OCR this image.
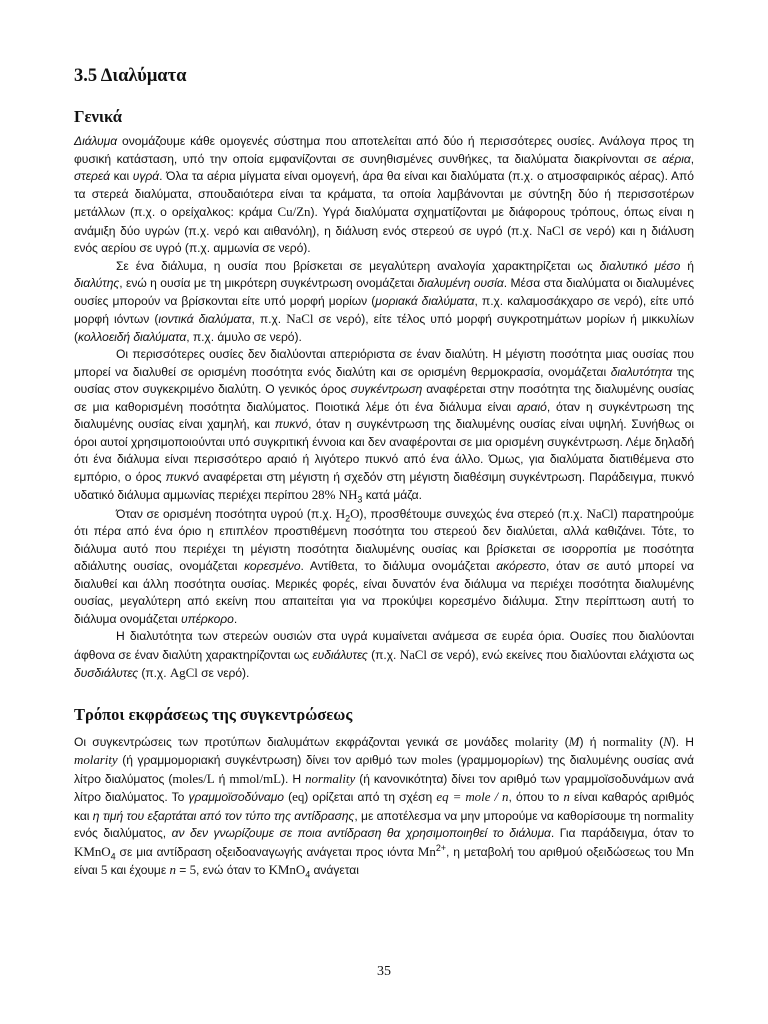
3.5 Διαλύματα
Γενικά

Διάλυμα ονομάζουμε κάθε ομογενές σύστημα που αποτελείται από δύο ή περισσότερες ουσίες. Ανάλογα προς τη φυσική κατάσταση, υπό την οποία εμφανίζονται σε συνηθισμένες συνθήκες, τα διαλύματα διακρίνονται σε αέρια, στερεά και υγρά. Όλα τα αέρια μίγματα είναι ομογενή, άρα θα είναι και διαλύματα (π.χ. ο ατμοσφαιρικός αέρας). Από τα στερεά διαλύματα, σπουδαιότερα είναι τα κράματα, τα οποία λαμβάνονται με σύντηξη δύο ή περισσοτέρων μετάλλων (π.χ. ο ορείχαλκος: κράμα Cu/Zn). Υγρά διαλύματα σχηματίζονται με διάφορους τρόπους, όπως είναι η ανάμιξη δύο υγρών (π.χ. νερό και αιθανόλη), η διάλυση ενός στερεού σε υγρό (π.χ. NaCl σε νερό) και η διάλυση ενός αερίου σε υγρό (π.χ. αμμωνία σε νερό).

Σε ένα διάλυμα, η ουσία που βρίσκεται σε μεγαλύτερη αναλογία χαρακτηρίζεται ως διαλυτικό μέσο ή διαλύτης, ενώ η ουσία με τη μικρότερη συγκέντρωση ονομάζεται διαλυμένη ουσία. Μέσα στα διαλύματα οι διαλυμένες ουσίες μπορούν να βρίσκονται είτε υπό μορφή μορίων (μοριακά διαλύματα, π.χ. καλαμοσάκχαρο σε νερό), είτε υπό μορφή ιόντων (ιοντικά διαλύματα, π.χ. NaCl σε νερό), είτε τέλος υπό μορφή συγκροτημάτων μορίων ή μικκυλίων (κολλοειδή διαλύματα, π.χ. άμυλο σε νερό).

Οι περισσότερες ουσίες δεν διαλύονται απεριόριστα σε έναν διαλύτη. Η μέγιστη ποσότητα μιας ουσίας που μπορεί να διαλυθεί σε ορισμένη ποσότητα ενός διαλύτη και σε ορισμένη θερμοκρασία, ονομάζεται διαλυτότητα της ουσίας στον συγκεκριμένο διαλύτη. Ο γενικός όρος συγκέντρωση αναφέρεται στην ποσότητα της διαλυμένης ουσίας σε μια καθορισμένη ποσότητα διαλύματος. Ποιοτικά λέμε ότι ένα διάλυμα είναι αραιό, όταν η συγκέντρωση της διαλυμένης ουσίας είναι χαμηλή, και πυκνό, όταν η συγκέντρωση της διαλυμένης ουσίας είναι υψηλή. Συνήθως οι όροι αυτοί χρησιμοποιούνται υπό συγκριτική έννοια και δεν αναφέρονται σε μια ορισμένη συγκέντρωση. Λέμε δηλαδή ότι ένα διάλυμα είναι περισσότερο αραιό ή λιγότερο πυκνό από ένα άλλο. Όμως, για διαλύματα διατιθέμενα στο εμπόριο, ο όρος πυκνό αναφέρεται στη μέγιστη ή σχεδόν στη μέγιστη διαθέσιμη συγκέντρωση. Παράδειγμα, πυκνό υδατικό διάλυμα αμμωνίας περιέχει περίπου 28% $NH_3$ κατά μάζα.

Όταν σε ορισμένη ποσότητα υγρού (π.χ. $H_2O$), προσθέτουμε συνεχώς ένα στερεό (π.χ. NaCl) παρατηρούμε ότι πέρα από ένα όριο η επιπλέον προστιθέμενη ποσότητα του στερεού δεν διαλύεται, αλλά καθιζάνει. Τότε, το διάλυμα αυτό που περιέχει τη μέγιστη ποσότητα διαλυμένης ουσίας και βρίσκεται σε ισορροπία με ποσότητα αδιάλυτης ουσίας, ονομάζεται κορεσμένο. Αντίθετα, το διάλυμα ονομάζεται ακόρεστο, όταν σε αυτό μπορεί να διαλυθεί και άλλη ποσότητα ουσίας. Μερικές φορές, είναι δυνατόν ένα διάλυμα να περιέχει ποσότητα διαλυμένης ουσίας, μεγαλύτερη από εκείνη που απαιτείται για να προκύψει κορεσμένο διάλυμα. Στην περίπτωση αυτή το διάλυμα ονομάζεται υπέρκορο.

Η διαλυτότητα των στερεών ουσιών στα υγρά κυμαίνεται ανάμεσα σε ευρέα όρια. Ουσίες που διαλύονται άφθονα σε έναν διαλύτη χαρακτηρίζονται ως ευδιάλυτες (π.χ. NaCl σε νερό), ενώ εκείνες που διαλύονται ελάχιστα ως δυσδιάλυτες (π.χ. AgCl σε νερό).

Τρόποι εκφράσεως της συγκεντρώσεως

Οι συγκεντρώσεις των προτύπων διαλυμάτων εκφράζονται γενικά σε μονάδες molarity (M) ή normality (N). Η molarity (ή γραμμομοριακή συγκέντρωση) δίνει τον αριθμό των moles (γραμμομορίων) της διαλυμένης ουσίας ανά λίτρο διαλύματος (moles/L ή mmol/mL). Η normality (ή κανονικότητα) δίνει τον αριθμό των γραμμοϊσοδυνάμων ανά λίτρο διαλύματος. Το γραμμοϊσοδύναμο (eq) ορίζεται από τη σχέση eq = mole / n, όπου το n είναι καθαρός αριθμός και η τιμή του εξαρτάται από τον τύπο της αντίδρασης, με αποτέλεσμα να μην μπορούμε να καθορίσουμε τη normality ενός διαλύματος, αν δεν γνωρίζουμε σε ποια αντίδραση θα χρησιμοποιηθεί το διάλυμα. Για παράδειγμα, όταν το KMnO$_4$ σε μια αντίδραση οξειδοαναγωγής ανάγεται προς ιόντα $Mn^{2+}$, η μεταβολή του αριθμού οξειδώσεως του Mn είναι 5 και έχουμε n = 5, ενώ όταν το KMnO$_4$ ανάγεται

35
